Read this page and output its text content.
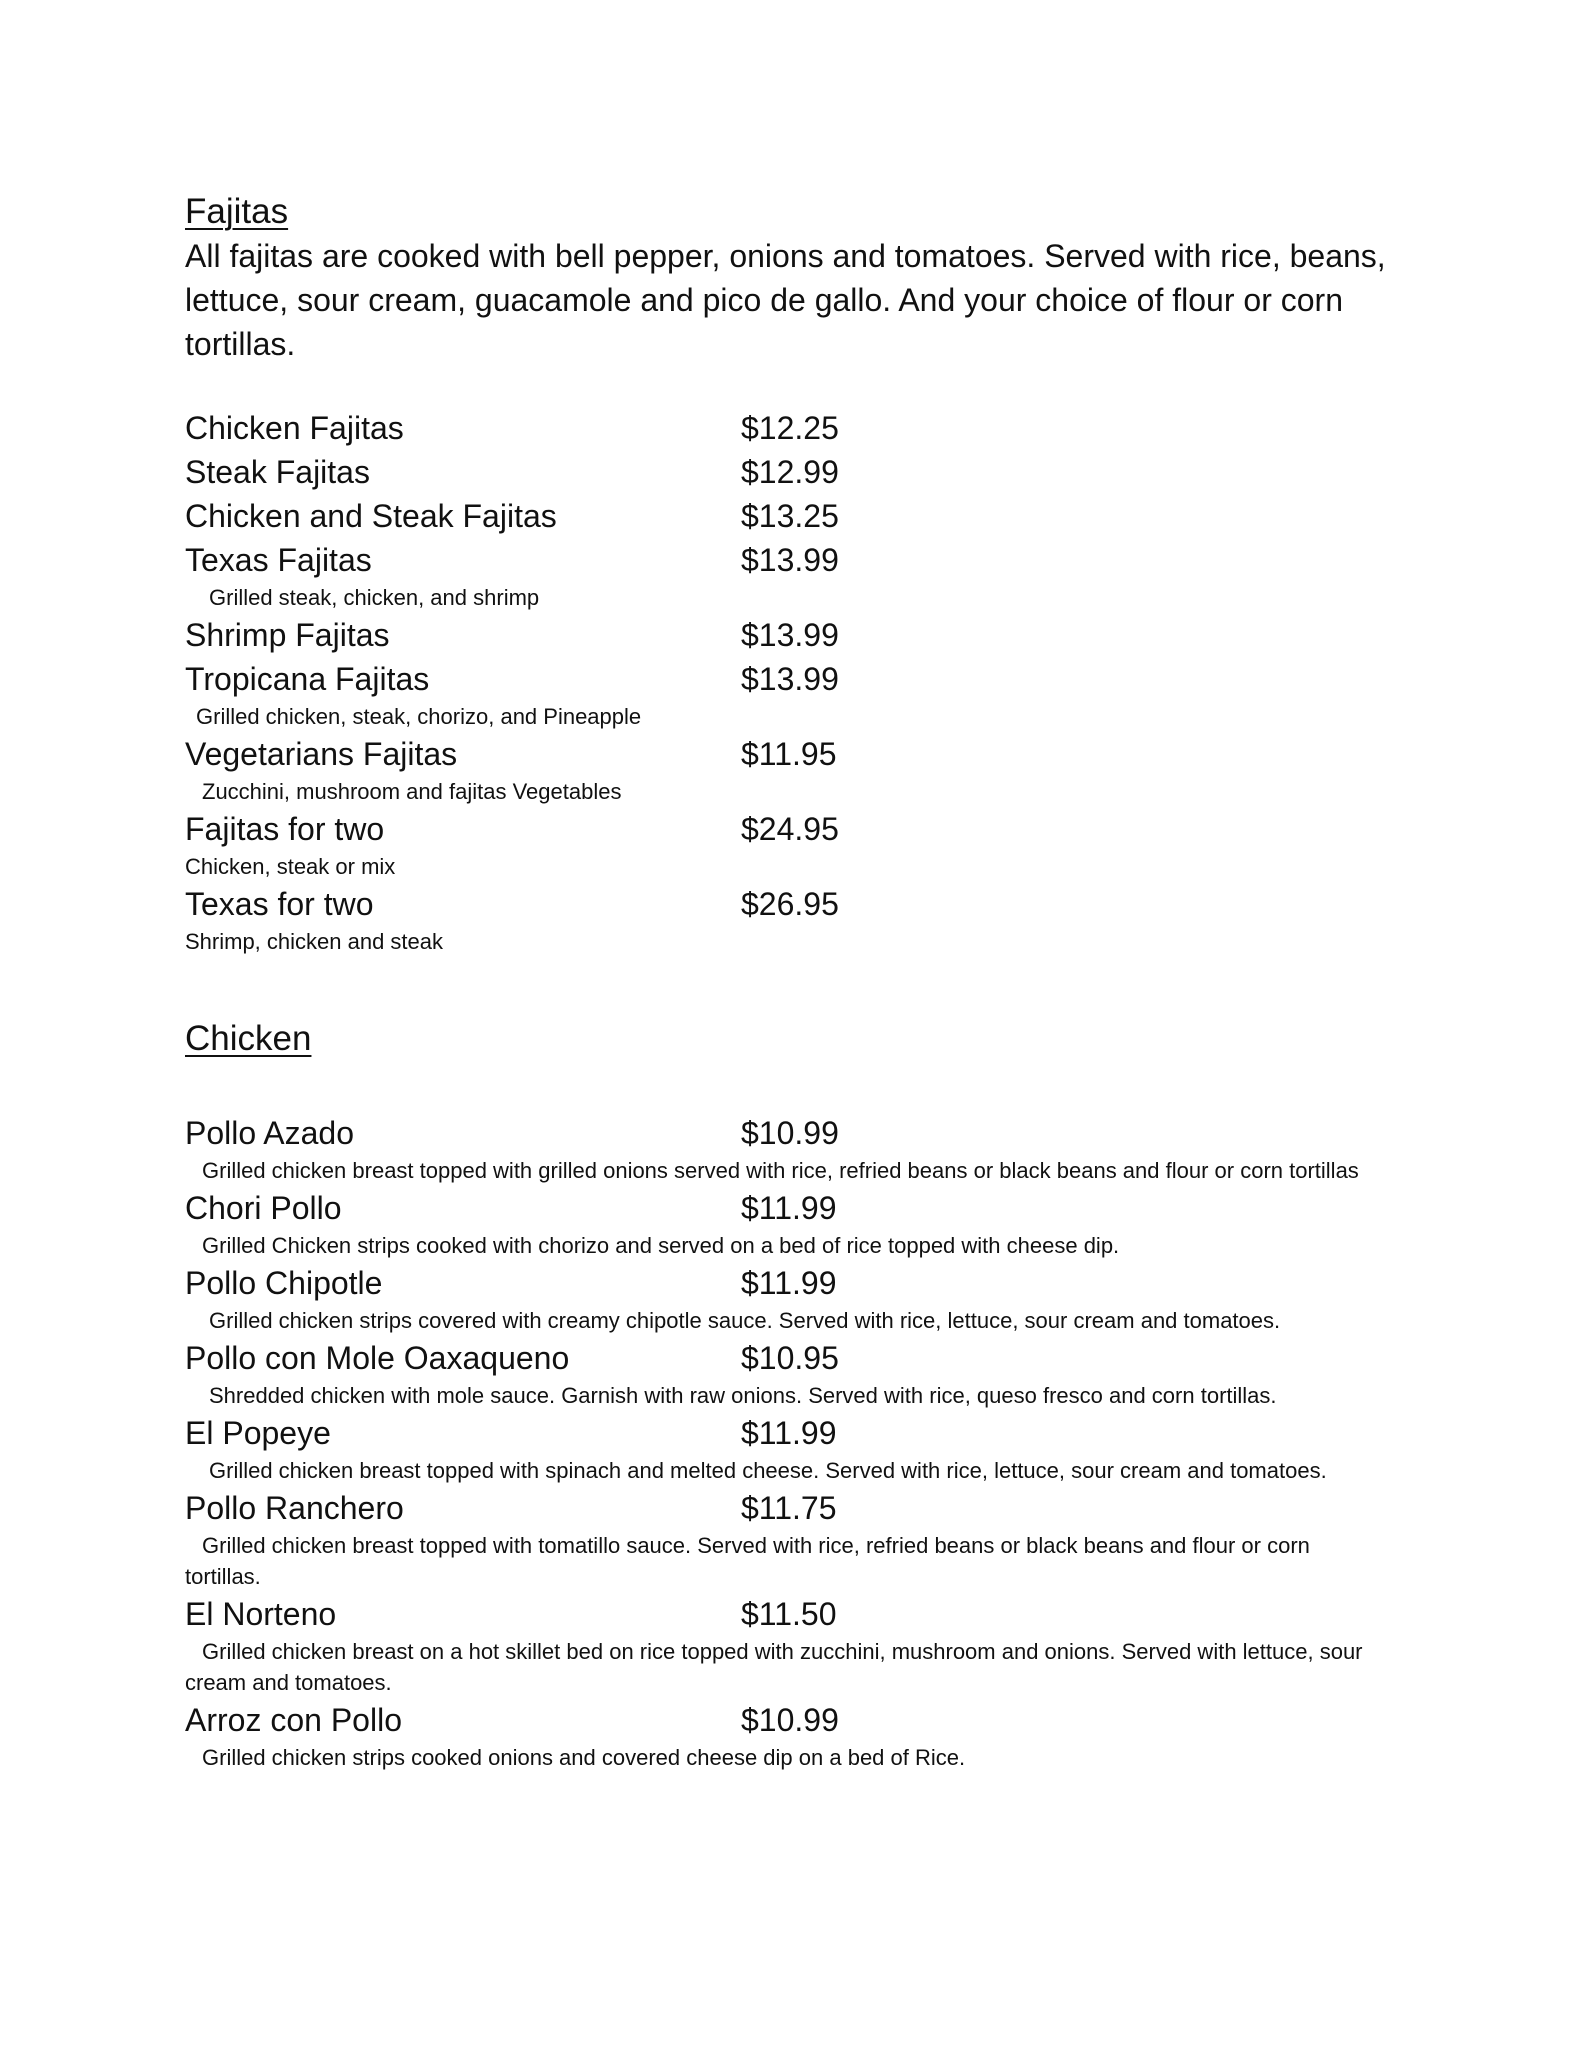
Fajitas

All fajitas are cooked with bell pepper, onions and tomatoes. Served with rice, beans, lettuce, sour cream, guacamole and pico de gallo. And your choice of flour or corn tortillas.

Chicken Fajitas	$12.25
Steak Fajitas	$12.99
Chicken and Steak Fajitas	$13.25
Texas Fajitas	$13.99

Grilled steak, chicken, and shrimp

Shrimp Fajitas	$13.99
Tropicana Fajitas	$13.99

Grilled chicken, steak, chorizo, and Pineapple

Vegetarians Fajitas	$11.95

Zucchini, mushroom and fajitas Vegetables

Fajitas for two	$24.95

Chicken, steak or mix

Texas for two	$26.95

Shrimp, chicken and steak

Chicken
Pollo Azado	$10.99

Grilled chicken breast topped with grilled onions served with rice, refried beans or black beans and flour or corn tortillas

Chori Pollo	$11.99

Grilled Chicken strips cooked with chorizo and served on a bed of rice topped with cheese dip.

Pollo Chipotle	$11.99

Grilled chicken strips covered with creamy chipotle sauce. Served with rice, lettuce, sour cream and tomatoes.

Pollo con Mole Oaxaqueno	$10.95

Shredded chicken with mole sauce. Garnish with raw onions. Served with rice, queso fresco and corn tortillas.

El Popeye	$11.99

Grilled chicken breast topped with spinach and melted cheese. Served with rice, lettuce, sour cream and tomatoes.

Pollo Ranchero	$11.75

Grilled chicken breast topped with tomatillo sauce. Served with rice, refried beans or black beans and flour or corn tortillas.

El Norteno	$11.50

Grilled chicken breast on a hot skillet bed on rice topped with zucchini, mushroom and onions. Served with lettuce, sour cream and tomatoes.

Arroz con Pollo	$10.99

Grilled chicken strips cooked onions and covered cheese dip on a bed of Rice.
